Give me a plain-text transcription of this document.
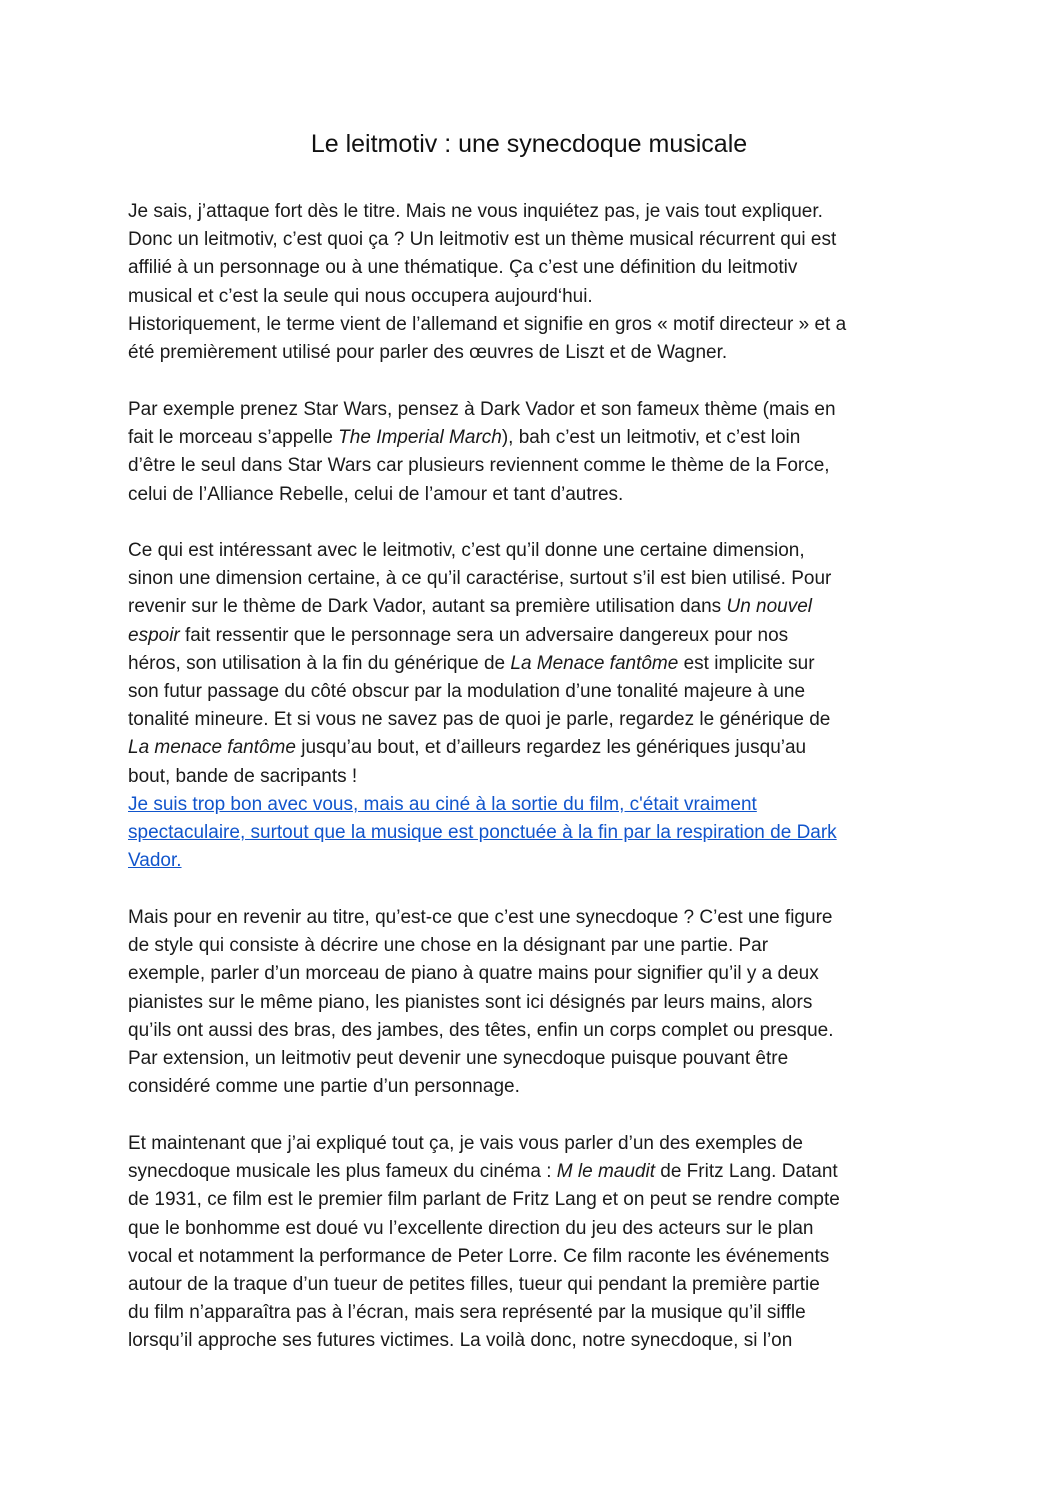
Le leitmotiv : une synecdoque musicale
Je sais, j’attaque fort dès le titre. Mais ne vous inquiétez pas, je vais tout expliquer.
Donc un leitmotiv, c’est quoi ça ? Un leitmotiv est un thème musical récurrent qui est
affilié à un personnage ou à une thématique. Ça c’est une définition du leitmotiv
musical et c’est la seule qui nous occupera aujourd‘hui.
Historiquement, le terme vient de l’allemand et signifie en gros « motif directeur » et a
été premièrement utilisé pour parler des œuvres de Liszt et de Wagner.
Par exemple prenez Star Wars, pensez à Dark Vador et son fameux thème (mais en
fait le morceau s’appelle The Imperial March), bah c’est un leitmotiv, et c’est loin
d’être le seul dans Star Wars car plusieurs reviennent comme le thème de la Force,
celui de l’Alliance Rebelle, celui de l’amour et tant d’autres.
Ce qui est intéressant avec le leitmotiv, c’est qu’il donne une certaine dimension,
sinon une dimension certaine, à ce qu’il caractérise, surtout s’il est bien utilisé. Pour
revenir sur le thème de Dark Vador, autant sa première utilisation dans Un nouvel
espoir fait ressentir que le personnage sera un adversaire dangereux pour nos
héros, son utilisation à la fin du générique de La Menace fantôme est implicite sur
son futur passage du côté obscur par la modulation d’une tonalité majeure à une
tonalité mineure. Et si vous ne savez pas de quoi je parle, regardez le générique de
La menace fantôme jusqu’au bout, et d’ailleurs regardez les génériques jusqu’au
bout, bande de sacripants !
Je suis trop bon avec vous, mais au ciné à la sortie du film, c'était vraiment
spectaculaire, surtout que la musique est ponctuée à la fin par la respiration de Dark
Vador.
Mais pour en revenir au titre, qu’est-ce que c’est une synecdoque ? C’est une figure
de style qui consiste à décrire une chose en la désignant par une partie. Par
exemple, parler d’un morceau de piano à quatre mains pour signifier qu’il y a deux
pianistes sur le même piano, les pianistes sont ici désignés par leurs mains, alors
qu’ils ont aussi des bras, des jambes, des têtes, enfin un corps complet ou presque.
Par extension, un leitmotiv peut devenir une synecdoque puisque pouvant être
considéré comme une partie d’un personnage.
Et maintenant que j’ai expliqué tout ça, je vais vous parler d’un des exemples de
synecdoque musicale les plus fameux du cinéma : M le maudit de Fritz Lang. Datant
de 1931, ce film est le premier film parlant de Fritz Lang et on peut se rendre compte
que le bonhomme est doué vu l’excellente direction du jeu des acteurs sur le plan
vocal et notamment la performance de Peter Lorre. Ce film raconte les événements
autour de la traque d’un tueur de petites filles, tueur qui pendant la première partie
du film n’apparaîtra pas à l’écran, mais sera représenté par la musique qu’il siffle
lorsqu’il approche ses futures victimes. La voilà donc, notre synecdoque, si l’on
